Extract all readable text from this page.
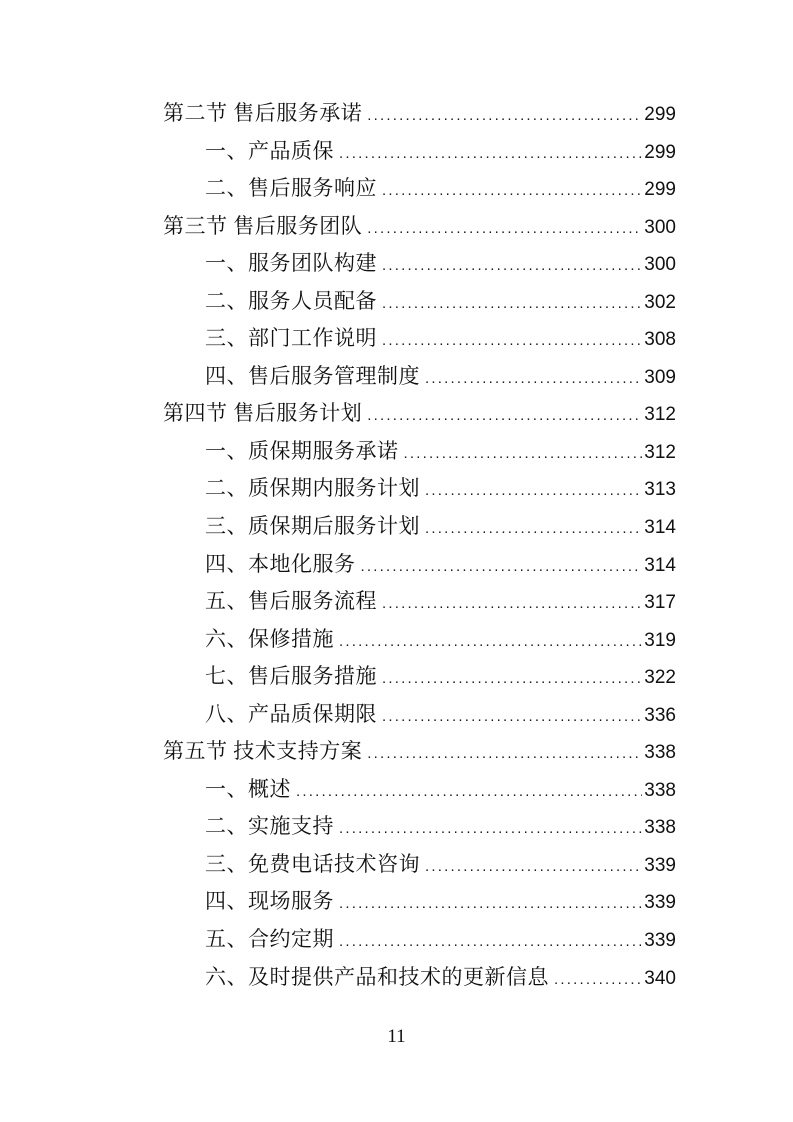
第二节 售后服务承诺 .....	299
一、产品质保 .....	299
二、售后服务响应 .....	299
第三节 售后服务团队 .....	300
一、服务团队构建 .....	300
二、服务人员配备 .....	302
三、部门工作说明 .....	308
四、售后服务管理制度 .....	309
第四节 售后服务计划 .....	312
一、质保期服务承诺 .....	312
二、质保期内服务计划 .....	313
三、质保期后服务计划 .....	314
四、本地化服务 .....	314
五、售后服务流程 .....	317
六、保修措施 .....	319
七、售后服务措施 .....	322
八、产品质保期限 .....	336
第五节 技术支持方案 .....	338
一、概述 .....	338
二、实施支持 .....	338
三、免费电话技术咨询 .....	339
四、现场服务 .....	339
五、合约定期 .....	339
六、及时提供产品和技术的更新信息 .....	340
11
